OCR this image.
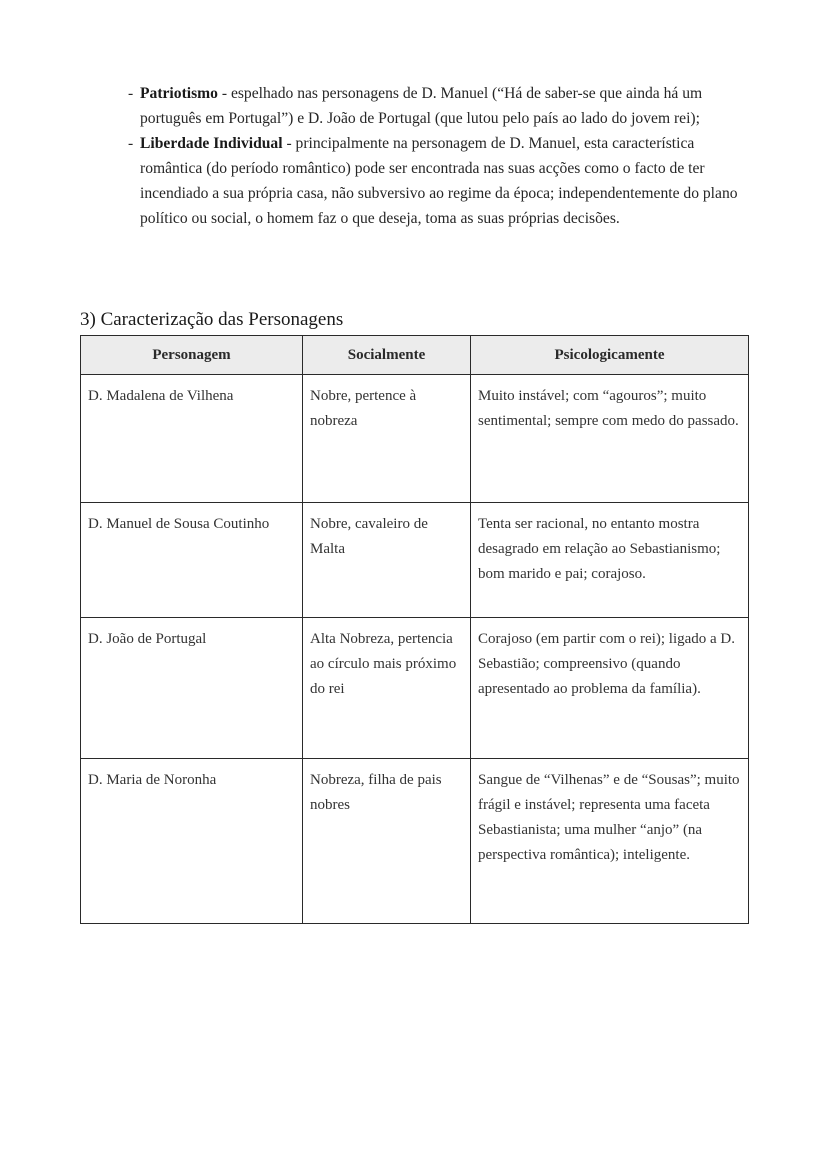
- Patriotismo - espelhado nas personagens de D. Manuel (“Há de saber-se que ainda há um português em Portugal”) e D. João de Portugal (que lutou pelo país ao lado do jovem rei);
- Liberdade Individual - principalmente na personagem de D. Manuel, esta característica romântica (do período romântico) pode ser encontrada nas suas acções como o facto de ter incendiado a sua própria casa, não subversivo ao regime da época; independentemente do plano político ou social, o homem faz o que deseja, toma as suas próprias decisões.
3) Caracterização das Personagens
Personagem	Socialmente	Psicologicamente
D. Madalena de Vilhena	Nobre, pertence à nobreza	Muito instável; com “agouros”; muito sentimental; sempre com medo do passado.
D. Manuel de Sousa Coutinho	Nobre, cavaleiro de Malta	Tenta ser racional, no entanto mostra desagrado em relação ao Sebastianismo; bom marido e pai; corajoso.
D. João de Portugal	Alta Nobreza, pertencia ao círculo mais próximo do rei	Corajoso (em partir com o rei); ligado a D. Sebastião; compreensivo (quando apresentado ao problema da família).
D. Maria de Noronha	Nobreza, filha de pais nobres	Sangue de “Vilhenas” e de “Sousas”; muito frágil e instável; representa uma faceta Sebastianista; uma mulher “anjo” (na perspectiva romântica); inteligente.
